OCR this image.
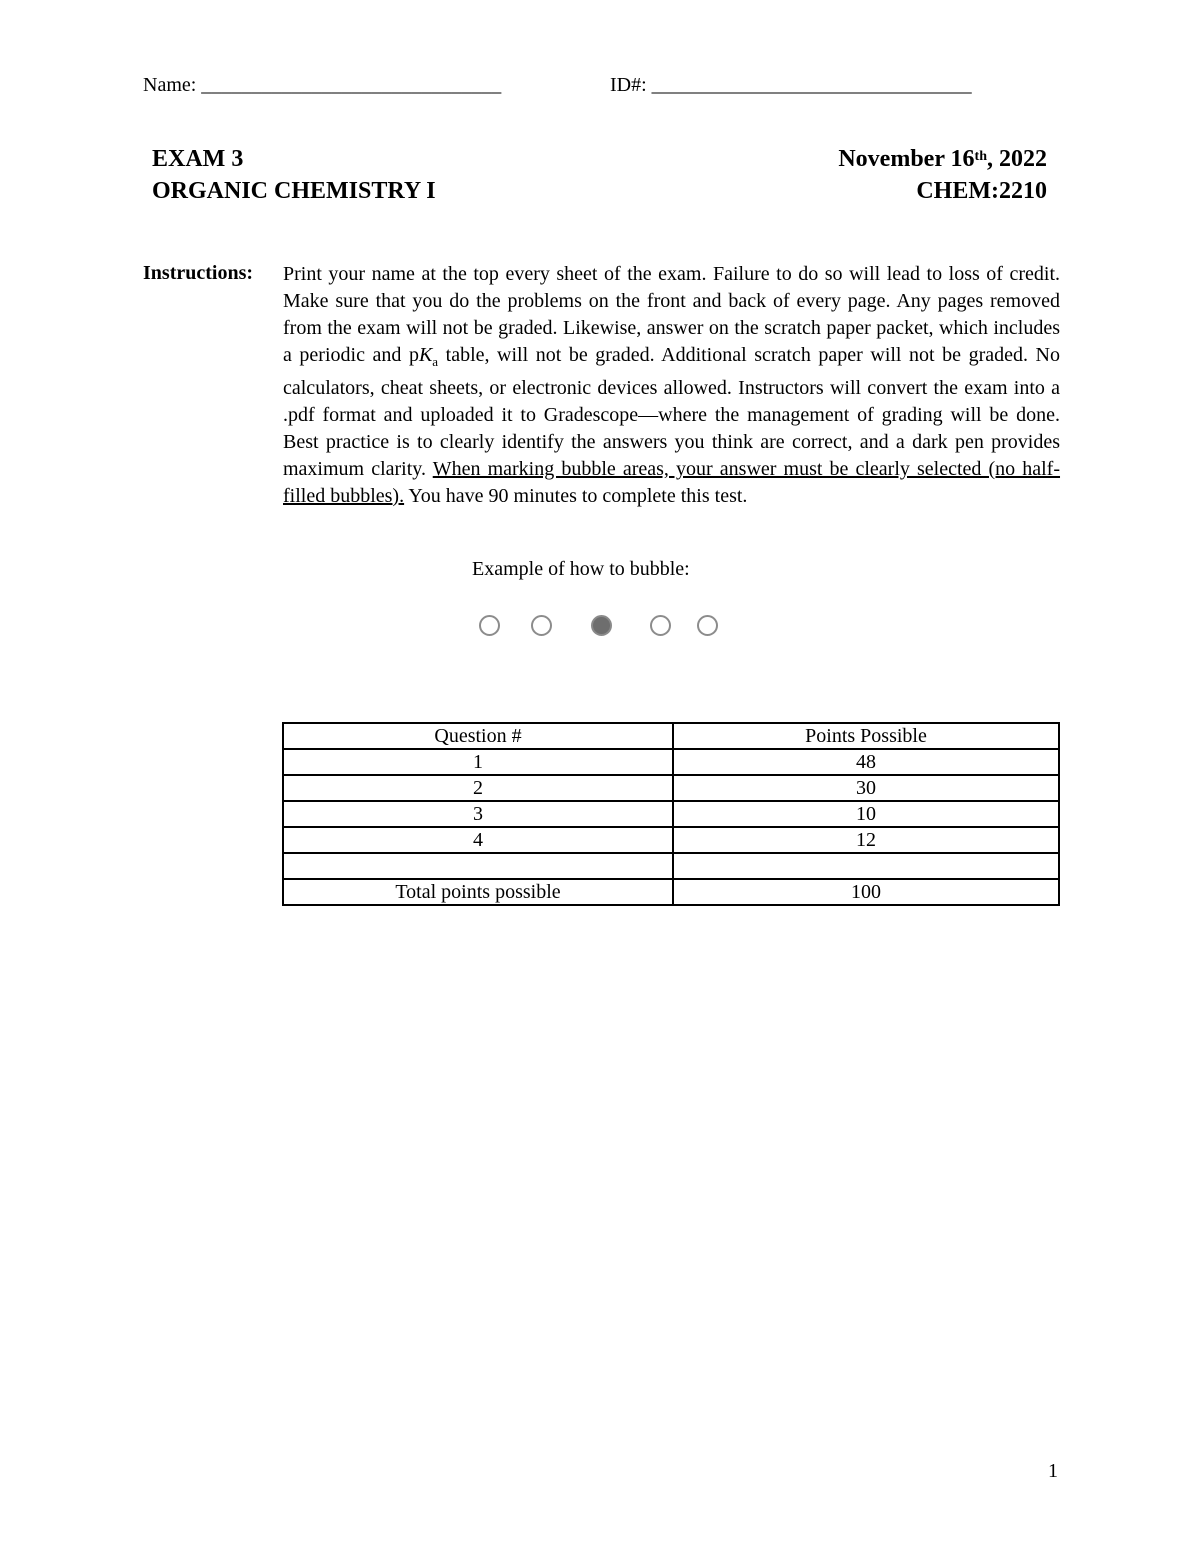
Name: ______________________________	ID#: ________________________________
EXAM 3
ORGANIC CHEMISTRY I
November 16th, 2022
CHEM:2210
Instructions: Print your name at the top every sheet of the exam. Failure to do so will lead to loss of credit. Make sure that you do the problems on the front and back of every page. Any pages removed from the exam will not be graded. Likewise, answer on the scratch paper packet, which includes a periodic and $pK_a$ table, will not be graded. Additional scratch paper will not be graded. No calculators, cheat sheets, or electronic devices allowed. Instructors will convert the exam into a .pdf format and uploaded it to Gradescope—where the management of grading will be done. Best practice is to clearly identify the answers you think are correct, and a dark pen provides maximum clarity. When marking bubble areas, your answer must be clearly selected (no half-filled bubbles). You have 90 minutes to complete this test.

Example of how to bubble:
Question #	Points Possible
1	48
2	30
3	10
4	12

Total points possible	100
1
